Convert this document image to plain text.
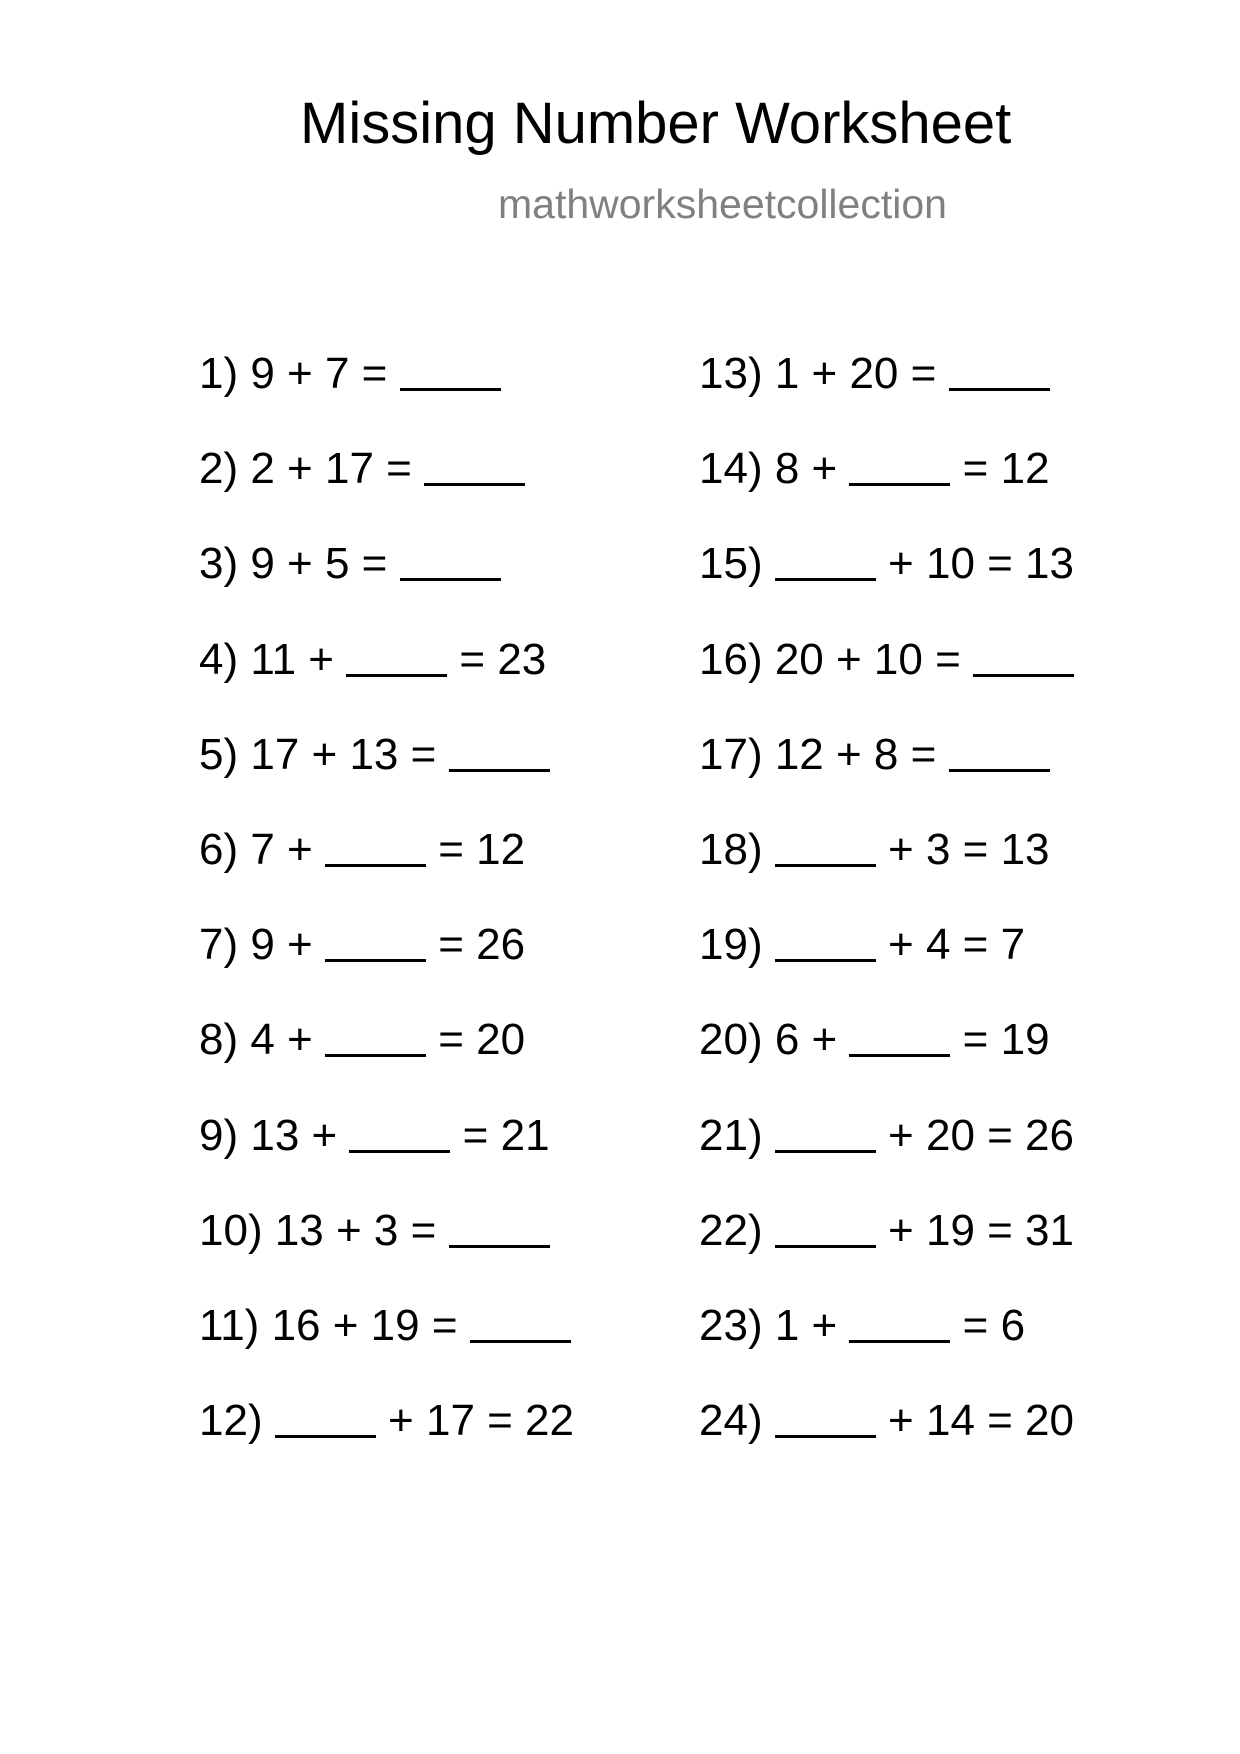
Missing Number Worksheet
mathworksheetcollection
1)
9 + 7 =
2)
2 + 17 =
3)
9 + 5 =
4)
11 + = 23
5)
17 + 13 =
6)
7 + = 12
7)
9 + = 26
8)
4 + = 20
9)
13 + = 21
10)
13 + 3 =
11)
16 + 19 =
12)
	+ 17 = 22
13)
1 + 20 =
14)
8 + = 12
15)
	+ 10 = 13
16)
20 + 10 =
17)
12 + 8 =
18)
	+ 3 = 13
19)
	+ 4 = 7
20)
6 + = 19
21)
	+ 20 = 26
22)
	+ 19 = 31
23)
1 + = 6
24)
	+ 14 = 20
